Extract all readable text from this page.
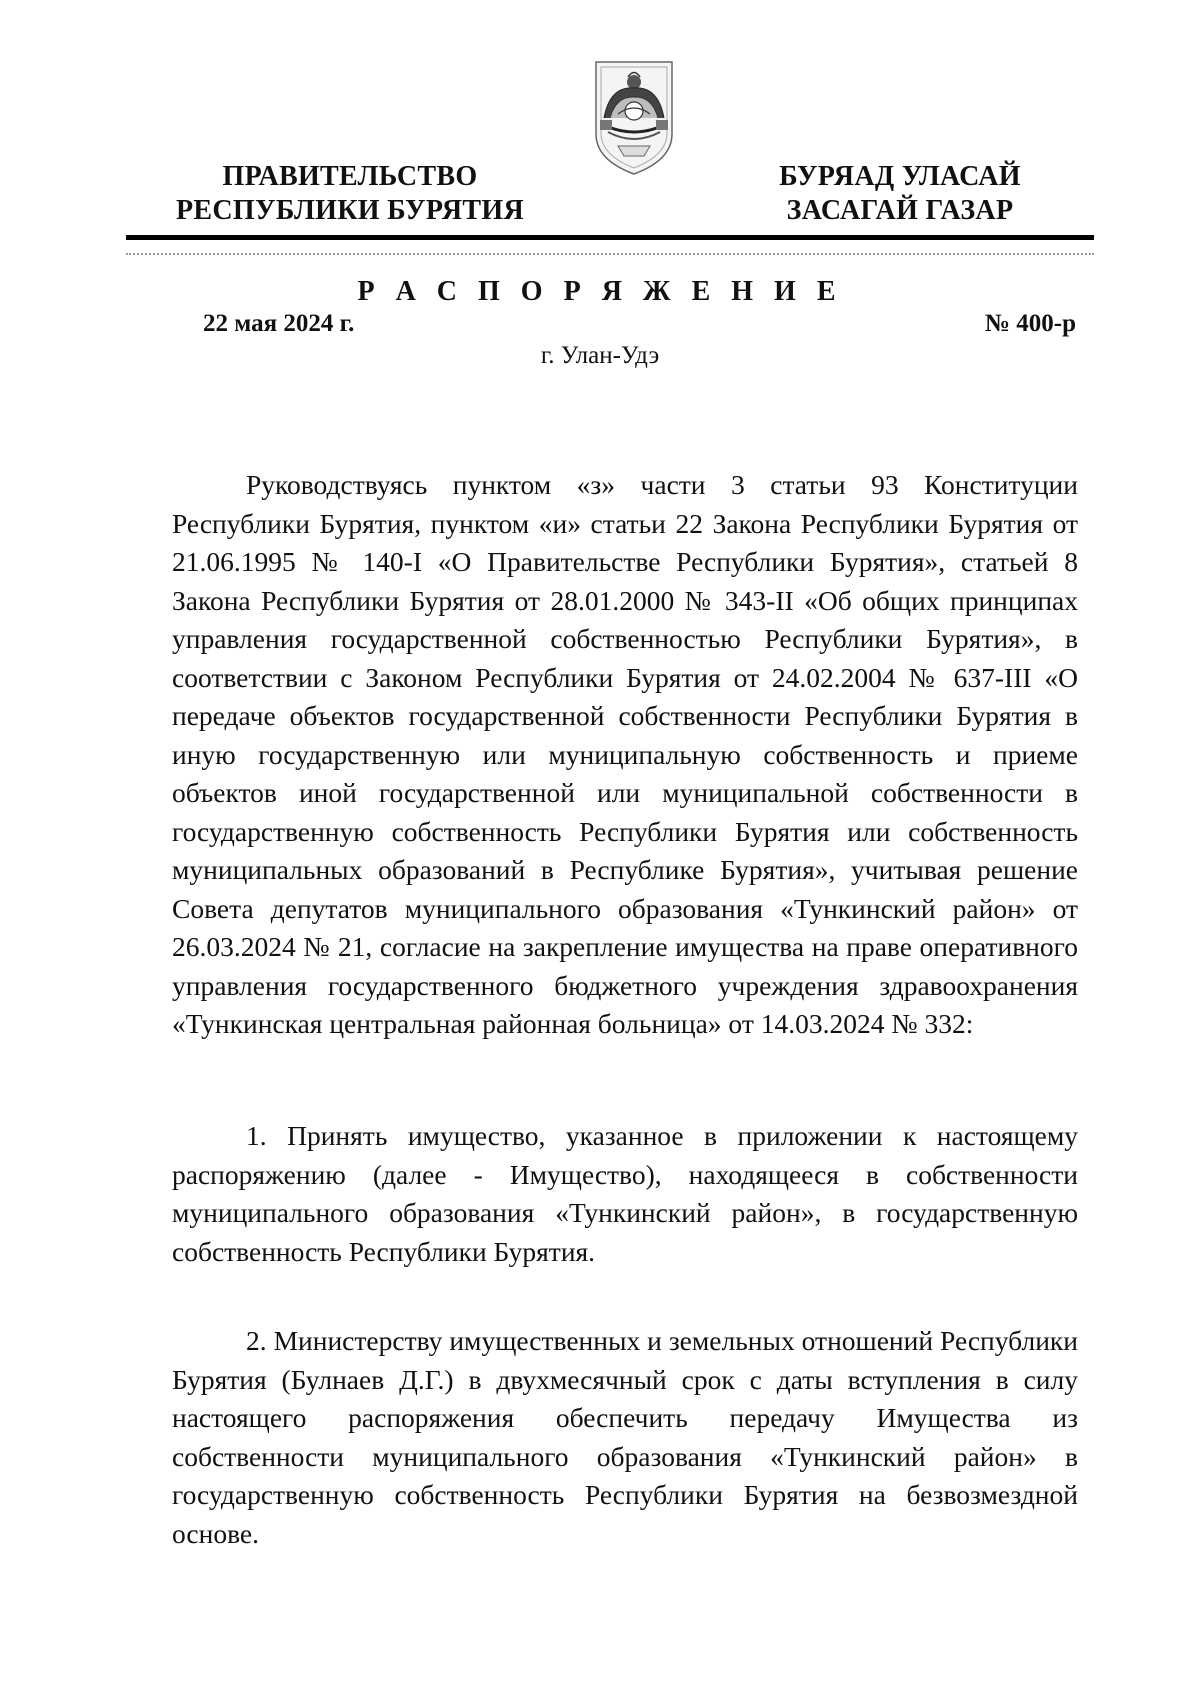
ПРАВИТЕЛЬСТВО
РЕСПУБЛИКИ БУРЯТИЯ
БУРЯАД УЛАСАЙ
ЗАСАГАЙ ГАЗАР
Р А С П О Р Я Ж Е Н И Е
22 мая 2024 г.	№ 400-р
г. Улан-Удэ

Руководствуясь пунктом «з» части 3 статьи 93 Конституции Республики Бурятия, пунктом «и» статьи 22 Закона Республики Бурятия от 21.06.1995 № 140-I «О Правительстве Республики Бурятия», статьей 8 Закона Республики Бурятия от 28.01.2000 № 343-II «Об общих принципах управления государственной собственностью Республики Бурятия», в соответствии с Законом Республики Бурятия от 24.02.2004 № 637-III «О передаче объектов государственной собственности Республики Бурятия в иную государственную или муниципальную собственность и приеме объектов иной государственной или муниципальной собственности в государственную собственность Республики Бурятия или собственность муниципальных образований в Республике Бурятия», учитывая решение Совета депутатов муниципального образования «Тункинский район» от 26.03.2024 № 21, согласие на закрепление имущества на праве оперативного управления государственного бюджетного учреждения здравоохранения «Тункинская центральная районная больница» от 14.03.2024 № 332:

1. Принять имущество, указанное в приложении к настоящему распоряжению (далее - Имущество), находящееся в собственности муниципального образования «Тункинский район», в государственную собственность Республики Бурятия.

2. Министерству имущественных и земельных отношений Республики Бурятия (Булнаев Д.Г.) в двухмесячный срок с даты вступления в силу настоящего распоряжения обеспечить передачу Имущества из собственности муниципального образования «Тункинский район» в государственную собственность Республики Бурятия на безвозмездной основе.
